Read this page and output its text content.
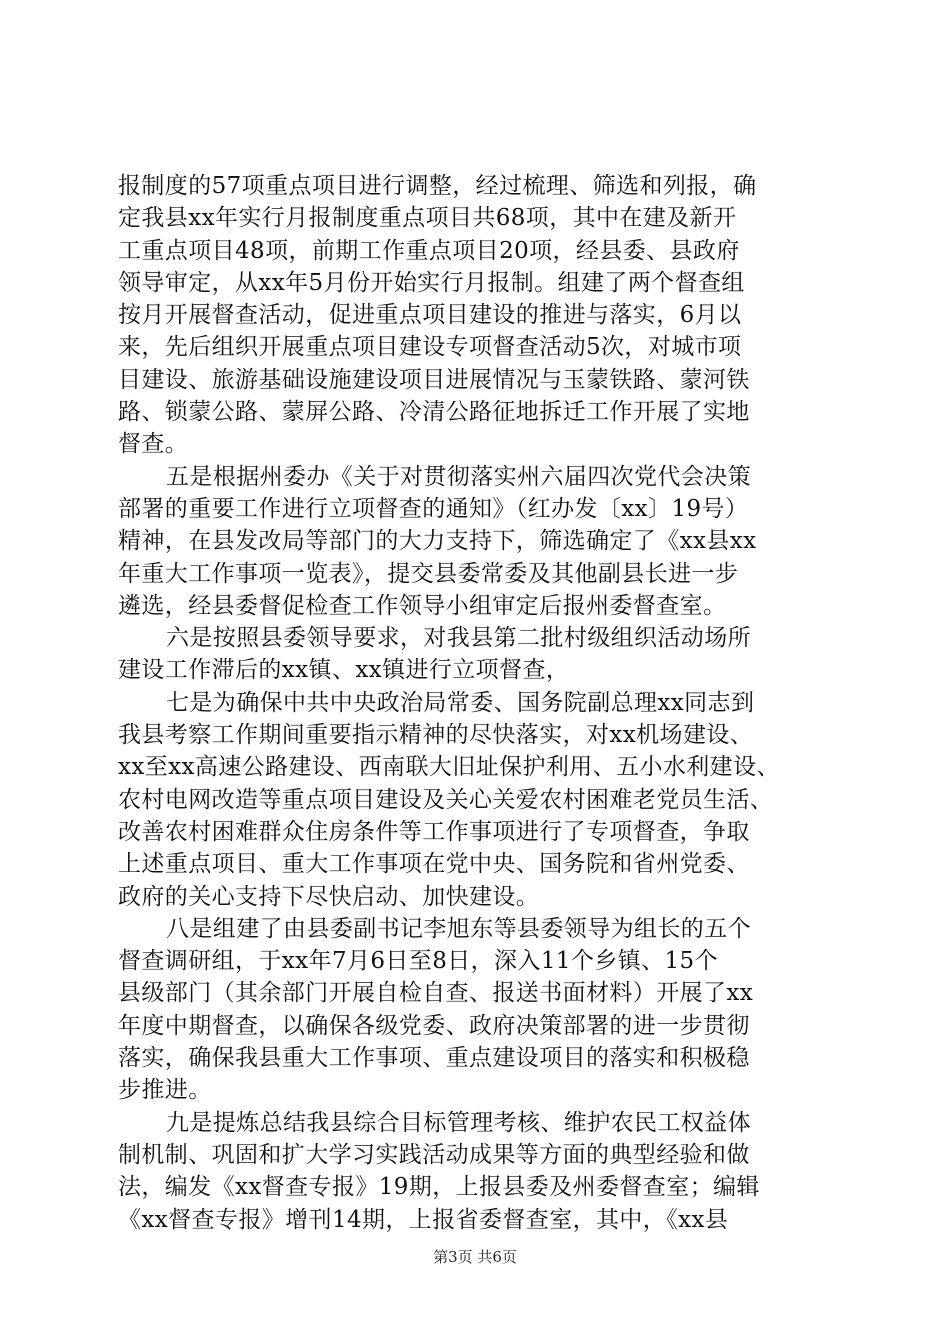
报制度的57项重点项目进行调整，经过梳理、筛选和列报，确
定我县xx年实行月报制度重点项目共68项，其中在建及新开
工重点项目48项，前期工作重点项目20项，经县委、县政府
领导审定，从xx年5月份开始实行月报制。组建了两个督查组
按月开展督查活动，促进重点项目建设的推进与落实，6月以
来，先后组织开展重点项目建设专项督查活动5次，对城市项
目建设、旅游基础设施建设项目进展情况与玉蒙铁路、蒙河铁
路、锁蒙公路、蒙屏公路、冷清公路征地拆迁工作开展了实地
督查。
五是根据州委办《关于对贯彻落实州六届四次党代会决策
部署的重要工作进行立项督查的通知》（红办发〔xx〕19号）
精神，在县发改局等部门的大力支持下，筛选确定了《xx县xx
年重大工作事项一览表》，提交县委常委及其他副县长进一步
遴选，经县委督促检查工作领导小组审定后报州委督查室。
六是按照县委领导要求，对我县第二批村级组织活动场所
建设工作滞后的xx镇、xx镇进行立项督查，
七是为确保中共中央政治局常委、国务院副总理xx同志到
我县考察工作期间重要指示精神的尽快落实，对xx机场建设、
xx至xx高速公路建设、西南联大旧址保护利用、五小水利建设、
农村电网改造等重点项目建设及关心关爱农村困难老党员生活、
改善农村困难群众住房条件等工作事项进行了专项督查，争取
上述重点项目、重大工作事项在党中央、国务院和省州党委、
政府的关心支持下尽快启动、加快建设。
八是组建了由县委副书记李旭东等县委领导为组长的五个
督查调研组，于xx年7月6日至8日，深入11个乡镇、15个
县级部门（其余部门开展自检自查、报送书面材料）开展了xx
年度中期督查，以确保各级党委、政府决策部署的进一步贯彻
落实，确保我县重大工作事项、重点建设项目的落实和积极稳
步推进。
九是提炼总结我县综合目标管理考核、维护农民工权益体
制机制、巩固和扩大学习实践活动成果等方面的典型经验和做
法，编发《xx督查专报》19期，上报县委及州委督查室；编辑
《xx督查专报》增刊14期，上报省委督查室，其中，《xx县
第3页 共6页
